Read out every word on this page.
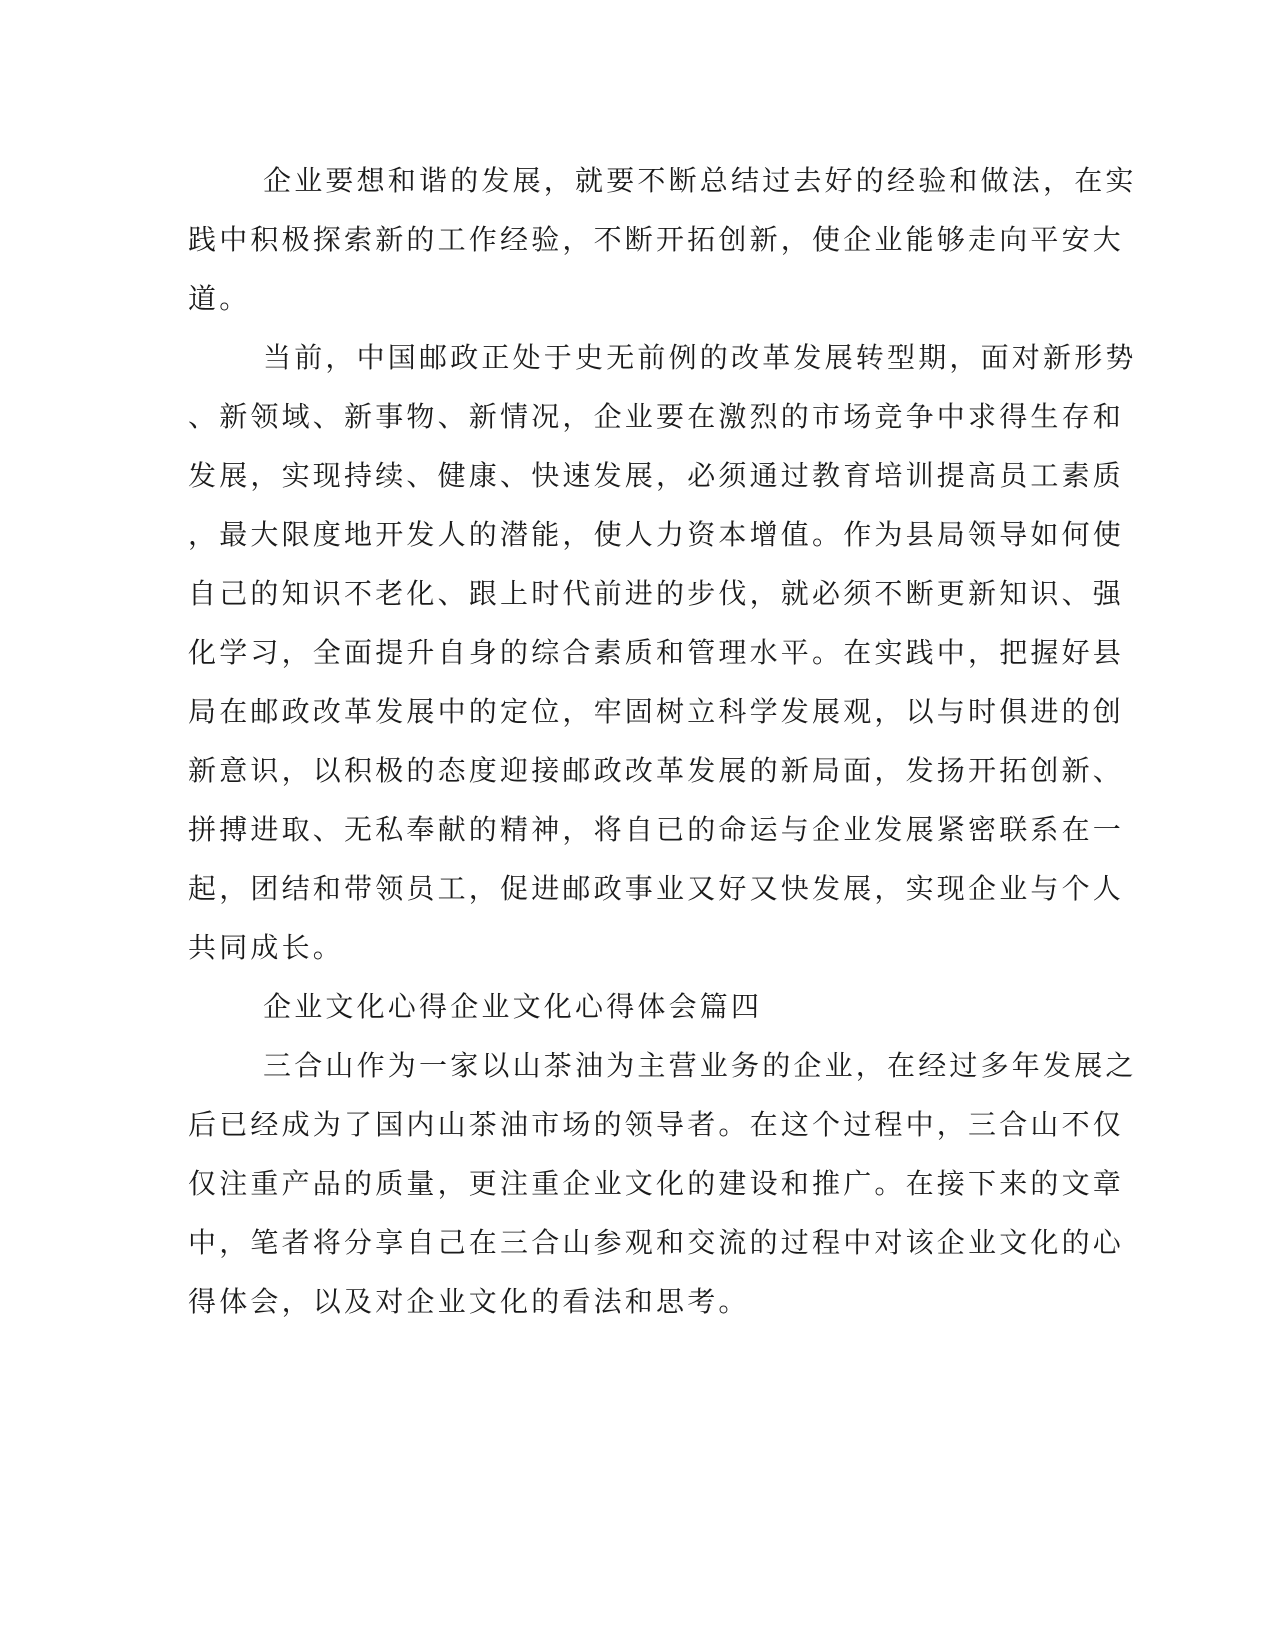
企业要想和谐的发展，就要不断总结过去好的经验和做法，在实

践中积极探索新的工作经验，不断开拓创新，使企业能够走向平安大

道。

当前，中国邮政正处于史无前例的改革发展转型期，面对新形势

、新领域、新事物、新情况，企业要在激烈的市场竞争中求得生存和

发展，实现持续、健康、快速发展，必须通过教育培训提高员工素质

，最大限度地开发人的潜能，使人力资本增值。作为县局领导如何使

自己的知识不老化、跟上时代前进的步伐，就必须不断更新知识、强

化学习，全面提升自身的综合素质和管理水平。在实践中，把握好县

局在邮政改革发展中的定位，牢固树立科学发展观，以与时俱进的创

新意识，以积极的态度迎接邮政改革发展的新局面，发扬开拓创新、

拼搏进取、无私奉献的精神，将自已的命运与企业发展紧密联系在一

起，团结和带领员工，促进邮政事业又好又快发展，实现企业与个人

共同成长。

企业文化心得企业文化心得体会篇四

三合山作为一家以山茶油为主营业务的企业，在经过多年发展之

后已经成为了国内山茶油市场的领导者。在这个过程中，三合山不仅

仅注重产品的质量，更注重企业文化的建设和推广。在接下来的文章

中，笔者将分享自己在三合山参观和交流的过程中对该企业文化的心

得体会，以及对企业文化的看法和思考。
